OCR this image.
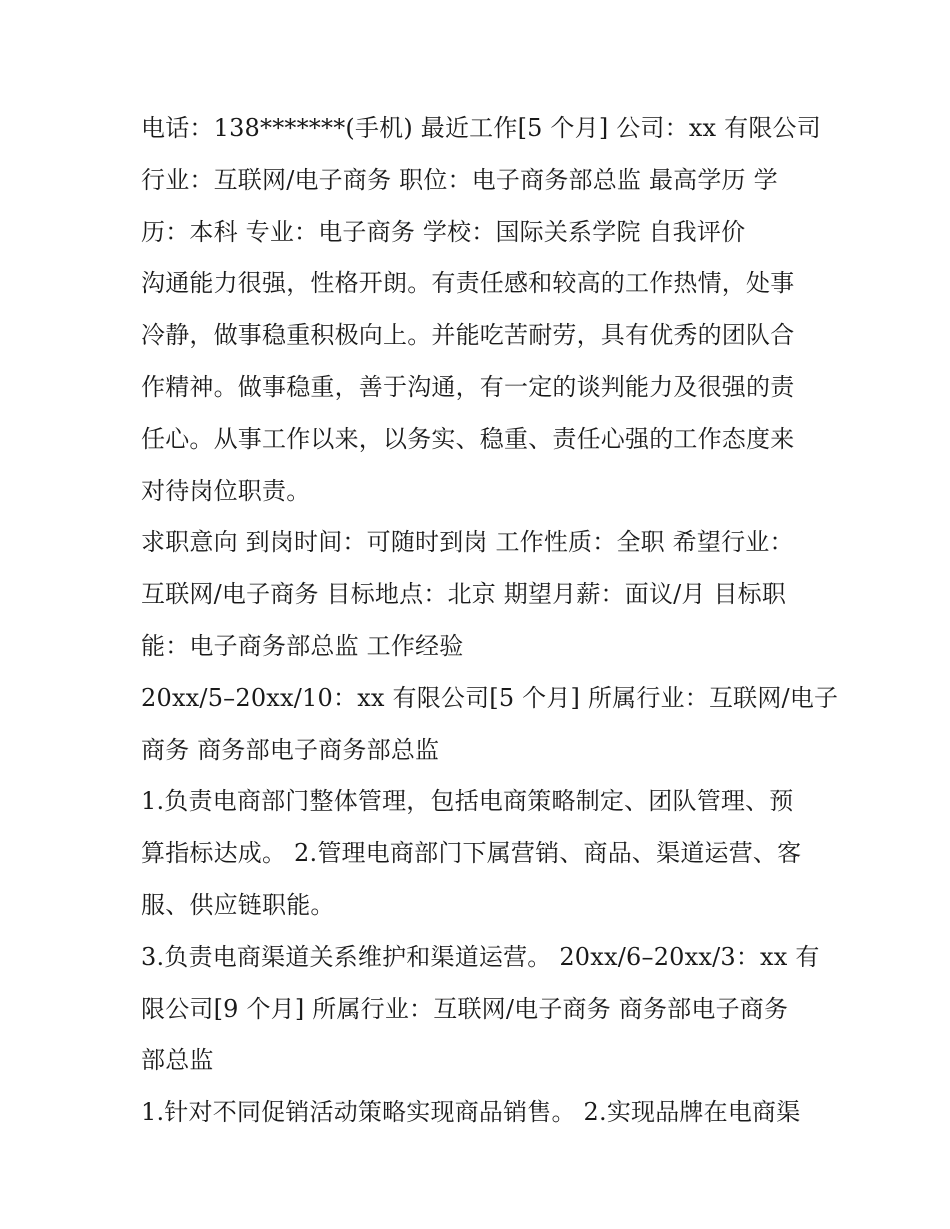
电话：138*******(手机) 最近工作[5 个月] 公司：xx 有限公司
行业：互联网/电子商务 职位：电子商务部总监 最高学历 学
历：本科 专业：电子商务 学校：国际关系学院 自我评价
沟通能力很强，性格开朗。有责任感和较高的工作热情，处事
冷静，做事稳重积极向上。并能吃苦耐劳，具有优秀的团队合
作精神。做事稳重，善于沟通，有一定的谈判能力及很强的责
任心。从事工作以来，以务实、稳重、责任心强的工作态度来
对待岗位职责。
求职意向 到岗时间：可随时到岗 工作性质：全职 希望行业：
互联网/电子商务 目标地点：北京 期望月薪：面议/月 目标职
能：电子商务部总监 工作经验
20xx/5–20xx/10：xx 有限公司[5 个月] 所属行业：互联网/电子
商务 商务部电子商务部总监
1.负责电商部门整体管理，包括电商策略制定、团队管理、预
算指标达成。 2.管理电商部门下属营销、商品、渠道运营、客
服、供应链职能。
3.负责电商渠道关系维护和渠道运营。 20xx/6–20xx/3：xx 有
限公司[9 个月] 所属行业：互联网/电子商务 商务部电子商务
部总监
1.针对不同促销活动策略实现商品销售。 2.实现品牌在电商渠
